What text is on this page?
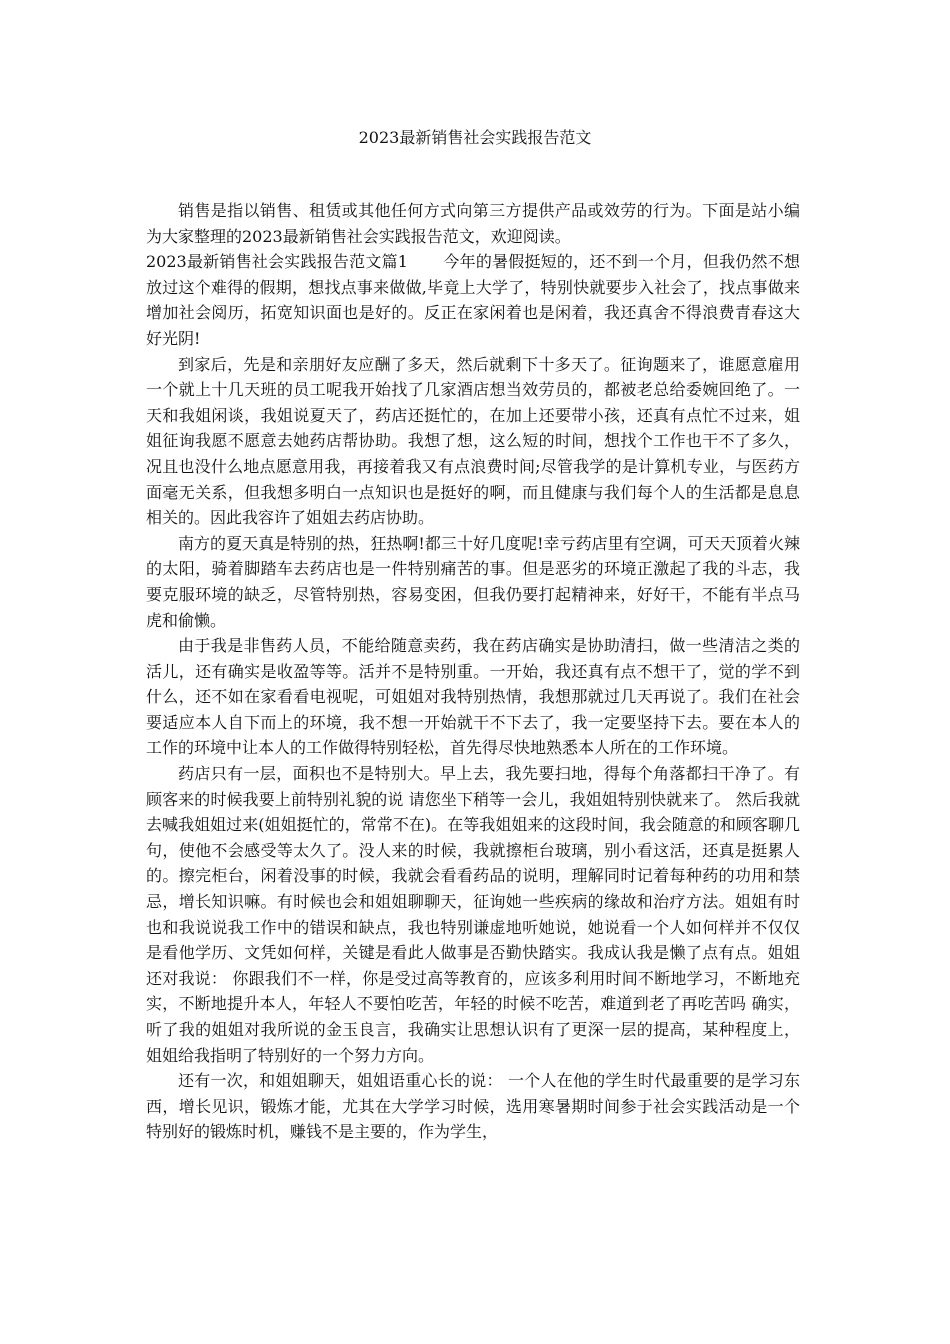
2023最新销售社会实践报告范文

销售是指以销售、租赁或其他任何方式向第三方提供产品或效劳的行为。下面是站小编为大家整理的2023最新销售社会实践报告范文，欢迎阅读。

2023最新销售社会实践报告范文篇1 今年的暑假挺短的，还不到一个月，但我仍然不想放过这个难得的假期，想找点事来做做,毕竟上大学了，特别快就要步入社会了，找点事做来增加社会阅历，拓宽知识面也是好的。反正在家闲着也是闲着，我还真舍不得浪费青春这大好光阴!

到家后，先是和亲朋好友应酬了多天，然后就剩下十多天了。征询题来了，谁愿意雇用一个就上十几天班的员工呢我开始找了几家酒店想当效劳员的，都被老总给委婉回绝了。一天和我姐闲谈，我姐说夏天了，药店还挺忙的，在加上还要带小孩，还真有点忙不过来，姐姐征询我愿不愿意去她药店帮协助。我想了想，这么短的时间，想找个工作也干不了多久，况且也没什么地点愿意用我，再接着我又有点浪费时间;尽管我学的是计算机专业，与医药方面毫无关系，但我想多明白一点知识也是挺好的啊，而且健康与我们每个人的生活都是息息相关的。因此我容许了姐姐去药店协助。

南方的夏天真是特别的热，狂热啊!都三十好几度呢!幸亏药店里有空调，可天天顶着火辣的太阳，骑着脚踏车去药店也是一件特别痛苦的事。但是恶劣的环境正激起了我的斗志，我要克服环境的缺乏，尽管特别热，容易变困，但我仍要打起精神来，好好干，不能有半点马虎和偷懒。

由于我是非售药人员，不能给随意卖药，我在药店确实是协助清扫，做一些清洁之类的活儿，还有确实是收盈等等。活并不是特别重。一开始，我还真有点不想干了，觉的学不到什么，还不如在家看看电视呢，可姐姐对我特别热情，我想那就过几天再说了。我们在社会要适应本人自下而上的环境，我不想一开始就干不下去了，我一定要坚持下去。要在本人的工作的环境中让本人的工作做得特别轻松，首先得尽快地熟悉本人所在的工作环境。

药店只有一层，面积也不是特别大。早上去，我先要扫地，得每个角落都扫干净了。有顾客来的时候我要上前特别礼貌的说 请您坐下稍等一会儿，我姐姐特别快就来了。 然后我就去喊我姐姐过来(姐姐挺忙的，常常不在)。在等我姐姐来的这段时间，我会随意的和顾客聊几句，使他不会感受等太久了。没人来的时候，我就擦柜台玻璃，别小看这活，还真是挺累人的。擦完柜台，闲着没事的时候，我就会看看药品的说明，理解同时记着每种药的功用和禁忌，增长知识嘛。有时候也会和姐姐聊聊天，征询她一些疾病的缘故和治疗方法。姐姐有时也和我说说我工作中的错误和缺点，我也特别谦虚地听她说，她说看一个人如何样并不仅仅是看他学历、文凭如何样，关键是看此人做事是否勤快踏实。我成认我是懒了点有点。姐姐还对我说： 你跟我们不一样，你是受过高等教育的，应该多利用时间不断地学习，不断地充实，不断地提升本人，年轻人不要怕吃苦，年轻的时候不吃苦，难道到老了再吃苦吗 确实，听了我的姐姐对我所说的金玉良言，我确实让思想认识有了更深一层的提高，某种程度上，姐姐给我指明了特别好的一个努力方向。

还有一次，和姐姐聊天，姐姐语重心长的说： 一个人在他的学生时代最重要的是学习东西，增长见识，锻炼才能，尤其在大学学习时候，选用寒暑期时间参于社会实践活动是一个特别好的锻炼时机，赚钱不是主要的，作为学生，
